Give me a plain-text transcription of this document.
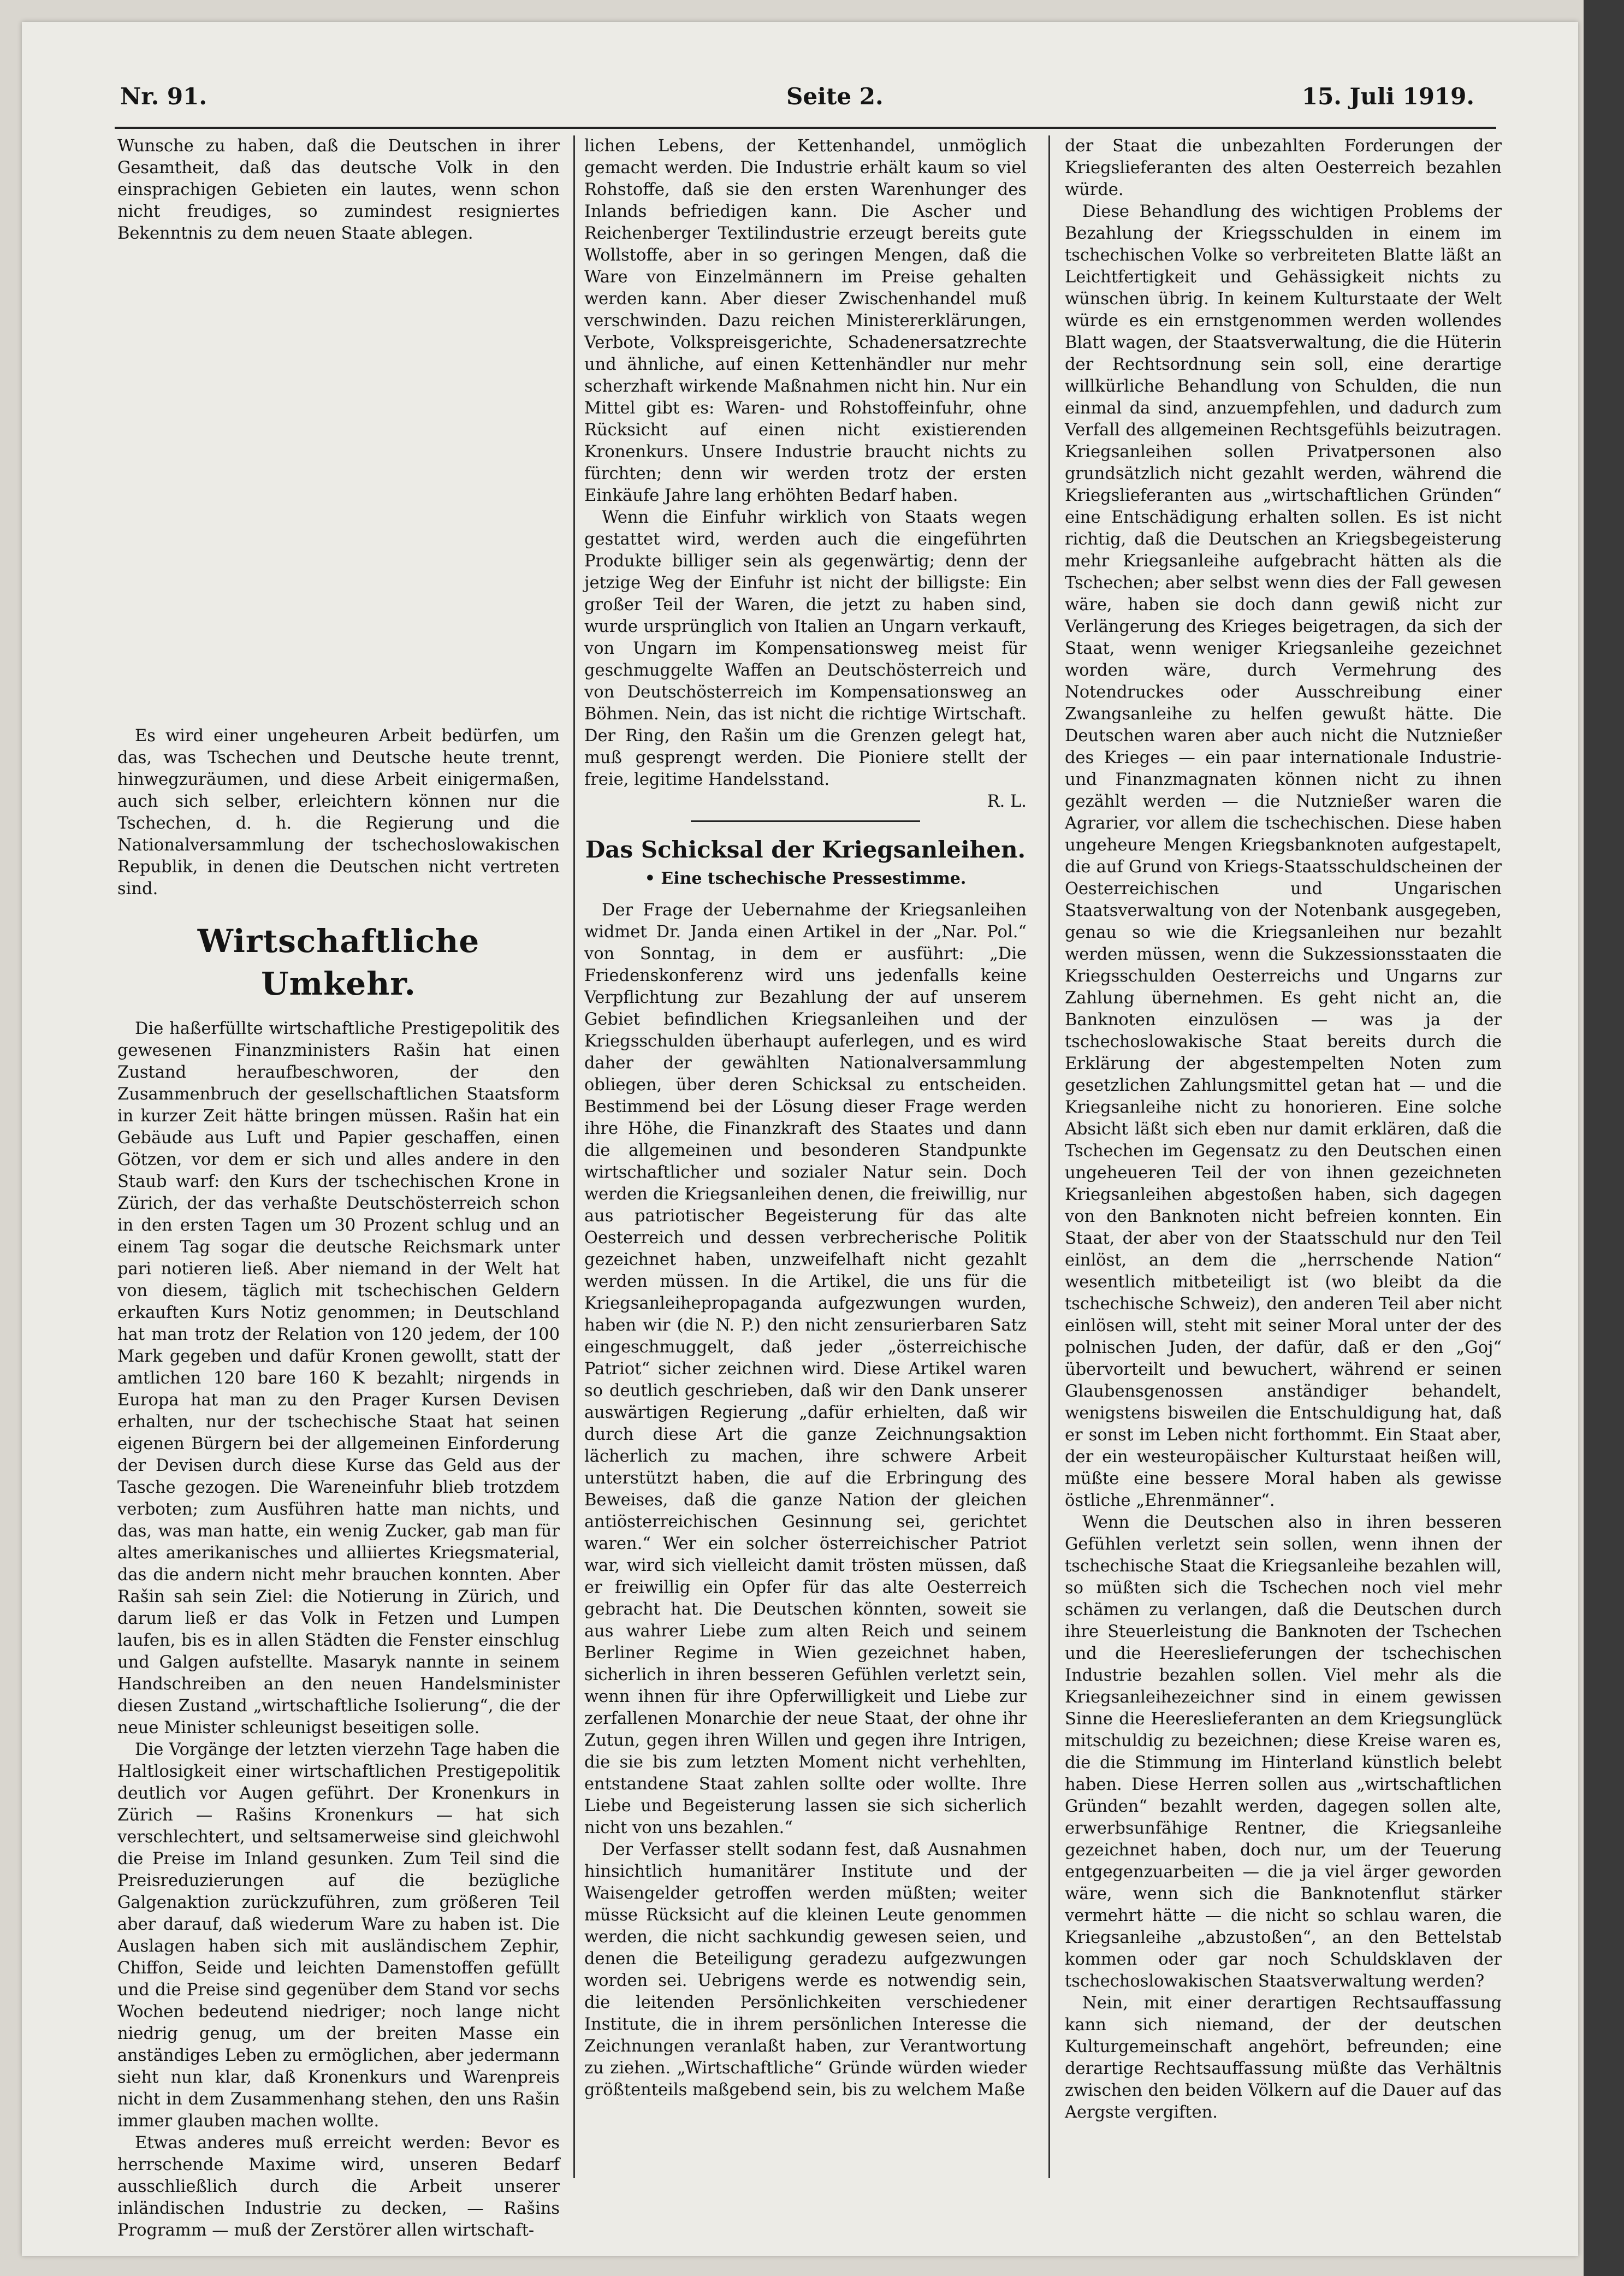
Nr. 91.	Seite 2.	15. Juli 1919.

Wunsche zu haben, daß die Deutschen in ihrer Gesamtheit, daß das deutsche Volk in den einsprachigen Gebieten ein lautes, wenn schon nicht freudiges, so zumindest resigniertes Bekenntnis zu dem neuen Staate ablegen.

Es wird einer ungeheuren Arbeit bedürfen, um das, was Tschechen und Deutsche heute trennt, hinwegzuräumen, und diese Arbeit einigermaßen, auch sich selber, erleichtern können nur die Tschechen, d. h. die Regierung und die Nationalversammlung der tschechoslowakischen Republik, in denen die Deutschen nicht vertreten sind.

Wirtschaftliche Umkehr.

Die haßerfüllte wirtschaftliche Prestigepolitik des gewesenen Finanzministers Rašin hat einen Zustand heraufbeschworen, der den Zusammenbruch der gesellschaftlichen Staatsform in kurzer Zeit hätte bringen müssen. Rašin hat ein Gebäude aus Luft und Papier geschaffen, einen Götzen, vor dem er sich und alles andere in den Staub warf: den Kurs der tschechischen Krone in Zürich, der das verhaßte Deutschösterreich schon in den ersten Tagen um 30 Prozent schlug und an einem Tag sogar die deutsche Reichsmark unter pari notieren ließ. Aber niemand in der Welt hat von diesem, täglich mit tschechischen Geldern erkauften Kurs Notiz genommen; in Deutschland hat man trotz der Relation von 120 jedem, der 100 Mark gegeben und dafür Kronen gewollt, statt der amtlichen 120 bare 160 K bezahlt; nirgends in Europa hat man zu den Prager Kursen Devisen erhalten, nur der tschechische Staat hat seinen eigenen Bürgern bei der allgemeinen Einforderung der Devisen durch diese Kurse das Geld aus der Tasche gezogen. Die Wareneinfuhr blieb trotzdem verboten; zum Ausführen hatte man nichts, und das, was man hatte, ein wenig Zucker, gab man für altes amerikanisches und alliiertes Kriegsmaterial, das die andern nicht mehr brauchen konnten. Aber Rašin sah sein Ziel: die Notierung in Zürich, und darum ließ er das Volk in Fetzen und Lumpen laufen, bis es in allen Städten die Fenster einschlug und Galgen aufstellte. Masaryk nannte in seinem Handschreiben an den neuen Handelsminister diesen Zustand „wirtschaftliche Isolierung“, die der neue Minister schleunigst beseitigen solle.

Die Vorgänge der letzten vierzehn Tage haben die Haltlosigkeit einer wirtschaftlichen Prestigepolitik deutlich vor Augen geführt. Der Kronenkurs in Zürich — Rašins Kronenkurs — hat sich verschlechtert, und seltsamerweise sind gleichwohl die Preise im Inland gesunken. Zum Teil sind die Preisreduzierungen auf die bezügliche Galgenaktion zurückzuführen, zum größeren Teil aber darauf, daß wiederum Ware zu haben ist. Die Auslagen haben sich mit ausländischem Zephir, Chiffon, Seide und leichten Damenstoffen gefüllt und die Preise sind gegenüber dem Stand vor sechs Wochen bedeutend niedriger; noch lange nicht niedrig genug, um der breiten Masse ein anständiges Leben zu ermöglichen, aber jedermann sieht nun klar, daß Kronenkurs und Warenpreis nicht in dem Zusammenhang stehen, den uns Rašin immer glauben machen wollte.

Etwas anderes muß erreicht werden: Bevor es herrschende Maxime wird, unseren Bedarf ausschließlich durch die Arbeit unserer inländischen Industrie zu decken, — Rašins Programm — muß der Zerstörer allen wirtschaft-

lichen Lebens, der Kettenhandel, unmöglich gemacht werden. Die Industrie erhält kaum so viel Rohstoffe, daß sie den ersten Warenhunger des Inlands befriedigen kann. Die Ascher und Reichenberger Textilindustrie erzeugt bereits gute Wollstoffe, aber in so geringen Mengen, daß die Ware von Einzelmännern im Preise gehalten werden kann. Aber dieser Zwischenhandel muß verschwinden. Dazu reichen Ministererklärungen, Verbote, Volkspreisgerichte, Schadenersatzrechte und ähnliche, auf einen Kettenhändler nur mehr scherzhaft wirkende Maßnahmen nicht hin. Nur ein Mittel gibt es: Waren- und Rohstoffeinfuhr, ohne Rücksicht auf einen nicht existierenden Kronenkurs. Unsere Industrie braucht nichts zu fürchten; denn wir werden trotz der ersten Einkäufe Jahre lang erhöhten Bedarf haben.

Wenn die Einfuhr wirklich von Staats wegen gestattet wird, werden auch die eingeführten Produkte billiger sein als gegenwärtig; denn der jetzige Weg der Einfuhr ist nicht der billigste: Ein großer Teil der Waren, die jetzt zu haben sind, wurde ursprünglich von Italien an Ungarn verkauft, von Ungarn im Kompensationsweg meist für geschmuggelte Waffen an Deutschösterreich und von Deutschösterreich im Kompensationsweg an Böhmen. Nein, das ist nicht die richtige Wirtschaft. Der Ring, den Rašin um die Grenzen gelegt hat, muß gesprengt werden. Die Pioniere stellt der freie, legitime Handelsstand.

R. L.

Das Schicksal der Kriegsanleihen.

• Eine tschechische Pressestimme.

Der Frage der Uebernahme der Kriegsanleihen widmet Dr. Janda einen Artikel in der „Nar. Pol.“ von Sonntag, in dem er ausführt: „Die Friedenskonferenz wird uns jedenfalls keine Verpflichtung zur Bezahlung der auf unserem Gebiet befindlichen Kriegsanleihen und der Kriegsschulden überhaupt auferlegen, und es wird daher der gewählten Nationalversammlung obliegen, über deren Schicksal zu entscheiden. Bestimmend bei der Lösung dieser Frage werden ihre Höhe, die Finanzkraft des Staates und dann die allgemeinen und besonderen Standpunkte wirtschaftlicher und sozialer Natur sein. Doch werden die Kriegsanleihen denen, die freiwillig, nur aus patriotischer Begeisterung für das alte Oesterreich und dessen verbrecherische Politik gezeichnet haben, unzweifelhaft nicht gezahlt werden müssen. In die Artikel, die uns für die Kriegsanleihepropaganda aufgezwungen wurden, haben wir (die N. P.) den nicht zensurierbaren Satz eingeschmuggelt, daß jeder „österreichische Patriot“ sicher zeichnen wird. Diese Artikel waren so deutlich geschrieben, daß wir den Dank unserer auswärtigen Regierung „dafür erhielten, daß wir durch diese Art die ganze Zeichnungsaktion lächerlich zu machen, ihre schwere Arbeit unterstützt haben, die auf die Erbringung des Beweises, daß die ganze Nation der gleichen antiösterreichischen Gesinnung sei, gerichtet waren.“ Wer ein solcher österreichischer Patriot war, wird sich vielleicht damit trösten müssen, daß er freiwillig ein Opfer für das alte Oesterreich gebracht hat. Die Deutschen könnten, soweit sie aus wahrer Liebe zum alten Reich und seinem Berliner Regime in Wien gezeichnet haben, sicherlich in ihren besseren Gefühlen verletzt sein, wenn ihnen für ihre Opferwilligkeit und Liebe zur zerfallenen Monarchie der neue Staat, der ohne ihr Zutun, gegen ihren Willen und gegen ihre Intrigen, die sie bis zum letzten Moment nicht verhehlten, entstandene Staat zahlen sollte oder wollte. Ihre Liebe und Begeisterung lassen sie sich sicherlich nicht von uns bezahlen.“

Der Verfasser stellt sodann fest, daß Ausnahmen hinsichtlich humanitärer Institute und der Waisengelder getroffen werden müßten; weiter müsse Rücksicht auf die kleinen Leute genommen werden, die nicht sachkundig gewesen seien, und denen die Beteiligung geradezu aufgezwungen worden sei. Uebrigens werde es notwendig sein, die leitenden Persönlichkeiten verschiedener Institute, die in ihrem persönlichen Interesse die Zeichnungen veranlaßt haben, zur Verantwortung zu ziehen. „Wirtschaftliche“ Gründe würden wieder größtenteils maßgebend sein, bis zu welchem Maße

der Staat die unbezahlten Forderungen der Kriegslieferanten des alten Oesterreich bezahlen würde.

Diese Behandlung des wichtigen Problems der Bezahlung der Kriegsschulden in einem im tschechischen Volke so verbreiteten Blatte läßt an Leichtfertigkeit und Gehässigkeit nichts zu wünschen übrig. In keinem Kulturstaate der Welt würde es ein ernstgenommen werden wollendes Blatt wagen, der Staatsverwaltung, die die Hüterin der Rechtsordnung sein soll, eine derartige willkürliche Behandlung von Schulden, die nun einmal da sind, anzuempfehlen, und dadurch zum Verfall des allgemeinen Rechtsgefühls beizutragen. Kriegsanleihen sollen Privatpersonen also grundsätzlich nicht gezahlt werden, während die Kriegslieferanten aus „wirtschaftlichen Gründen“ eine Entschädigung erhalten sollen. Es ist nicht richtig, daß die Deutschen an Kriegsbegeisterung mehr Kriegsanleihe aufgebracht hätten als die Tschechen; aber selbst wenn dies der Fall gewesen wäre, haben sie doch dann gewiß nicht zur Verlängerung des Krieges beigetragen, da sich der Staat, wenn weniger Kriegsanleihe gezeichnet worden wäre, durch Vermehrung des Notendruckes oder Ausschreibung einer Zwangsanleihe zu helfen gewußt hätte. Die Deutschen waren aber auch nicht die Nutznießer des Krieges — ein paar internationale Industrie- und Finanzmagnaten können nicht zu ihnen gezählt werden — die Nutznießer waren die Agrarier, vor allem die tschechischen. Diese haben ungeheure Mengen Kriegsbanknoten aufgestapelt, die auf Grund von Kriegs-Staatsschuldscheinen der Oesterreichischen und Ungarischen Staatsverwaltung von der Notenbank ausgegeben, genau so wie die Kriegsanleihen nur bezahlt werden müssen, wenn die Sukzessionsstaaten die Kriegsschulden Oesterreichs und Ungarns zur Zahlung übernehmen. Es geht nicht an, die Banknoten einzulösen — was ja der tschechoslowakische Staat bereits durch die Erklärung der abgestempelten Noten zum gesetzlichen Zahlungsmittel getan hat — und die Kriegsanleihe nicht zu honorieren. Eine solche Absicht läßt sich eben nur damit erklären, daß die Tschechen im Gegensatz zu den Deutschen einen ungeheueren Teil der von ihnen gezeichneten Kriegsanleihen abgestoßen haben, sich dagegen von den Banknoten nicht befreien konnten. Ein Staat, der aber von der Staatsschuld nur den Teil einlöst, an dem die „herrschende Nation“ wesentlich mitbeteiligt ist (wo bleibt da die tschechische Schweiz), den anderen Teil aber nicht einlösen will, steht mit seiner Moral unter der des polnischen Juden, der dafür, daß er den „Goj“ übervorteilt und bewuchert, während er seinen Glaubensgenossen anständiger behandelt, wenigstens bisweilen die Entschuldigung hat, daß er sonst im Leben nicht forthommt. Ein Staat aber, der ein westeuropäischer Kulturstaat heißen will, müßte eine bessere Moral haben als gewisse östliche „Ehrenmänner“.

Wenn die Deutschen also in ihren besseren Gefühlen verletzt sein sollen, wenn ihnen der tschechische Staat die Kriegsanleihe bezahlen will, so müßten sich die Tschechen noch viel mehr schämen zu verlangen, daß die Deutschen durch ihre Steuerleistung die Banknoten der Tschechen und die Heereslieferungen der tschechischen Industrie bezahlen sollen. Viel mehr als die Kriegsanleihezeichner sind in einem gewissen Sinne die Heereslieferanten an dem Kriegsunglück mitschuldig zu bezeichnen; diese Kreise waren es, die die Stimmung im Hinterland künstlich belebt haben. Diese Herren sollen aus „wirtschaftlichen Gründen“ bezahlt werden, dagegen sollen alte, erwerbsunfähige Rentner, die Kriegsanleihe gezeichnet haben, doch nur, um der Teuerung entgegenzuarbeiten — die ja viel ärger geworden wäre, wenn sich die Banknotenflut stärker vermehrt hätte — die nicht so schlau waren, die Kriegsanleihe „abzustoßen“, an den Bettelstab kommen oder gar noch Schuldsklaven der tschechoslowakischen Staatsverwaltung werden?

Nein, mit einer derartigen Rechtsauffassung kann sich niemand, der der deutschen Kulturgemeinschaft angehört, befreunden; eine derartige Rechtsauffassung müßte das Verhältnis zwischen den beiden Völkern auf die Dauer auf das Aergste vergiften.
